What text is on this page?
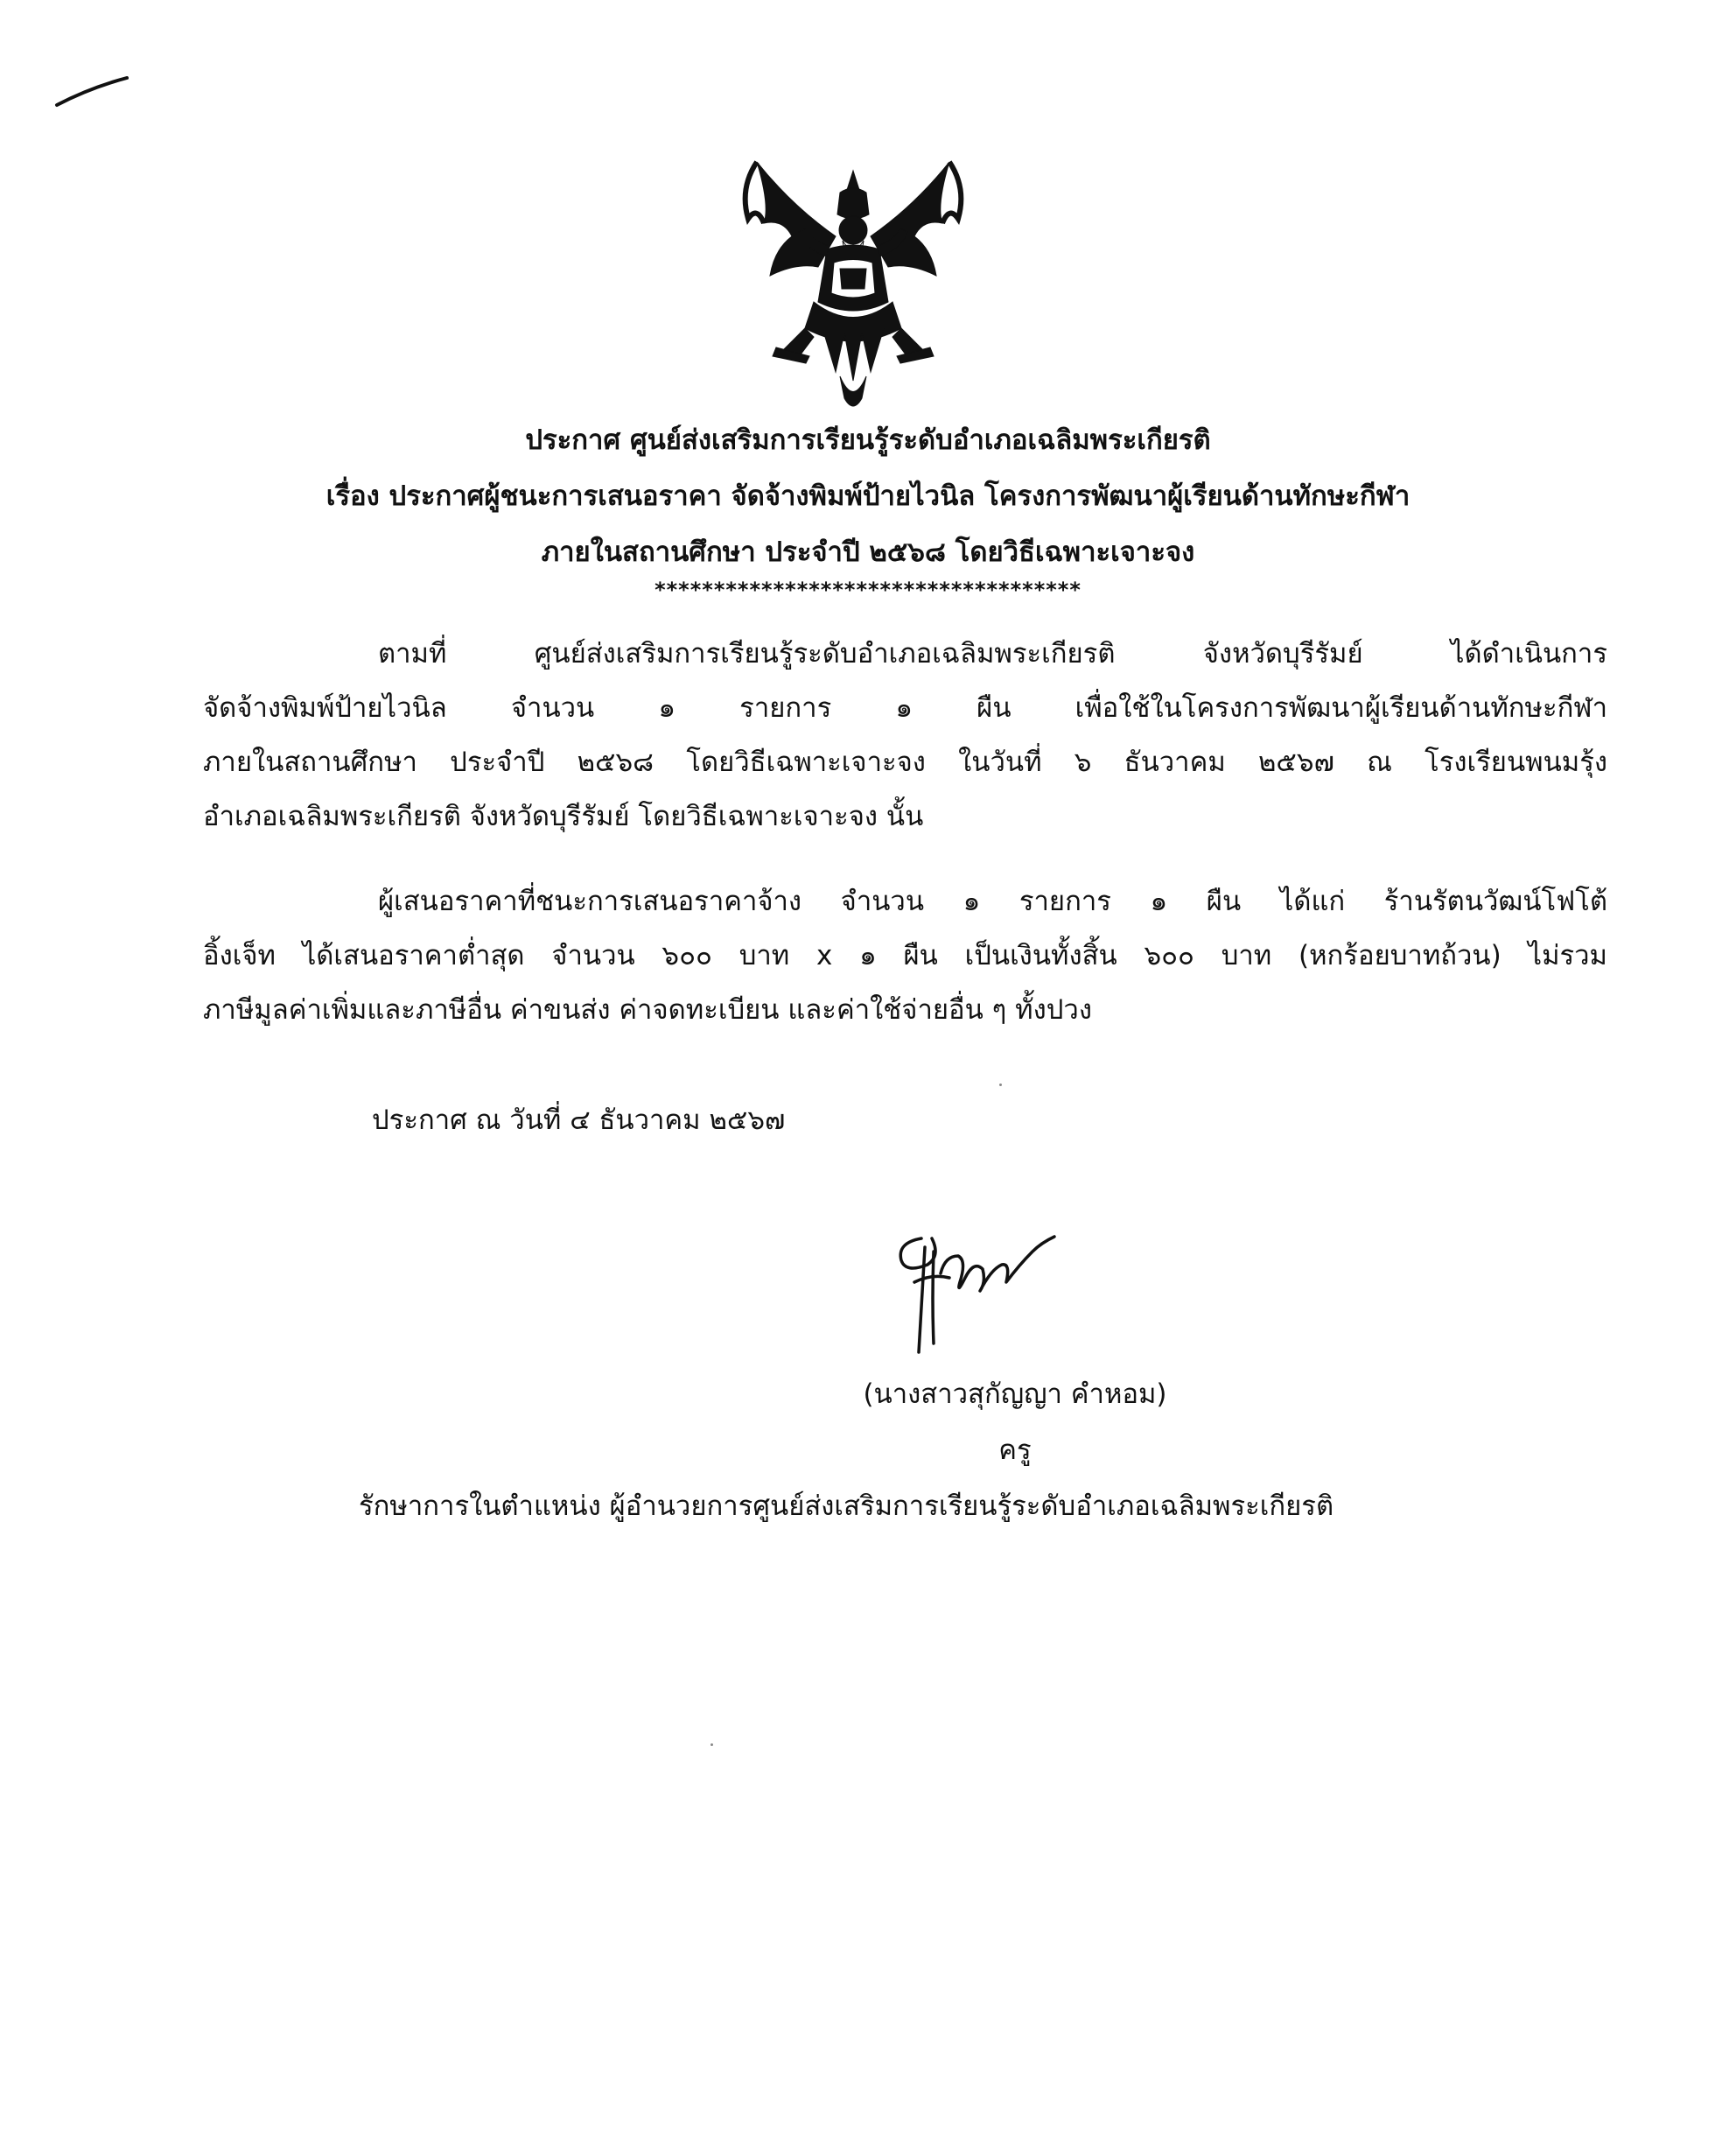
ประกาศ ศูนย์ส่งเสริมการเรียนรู้ระดับอำเภอเฉลิมพระเกียรติ
เรื่อง ประกาศผู้ชนะการเสนอราคา จัดจ้างพิมพ์ป้ายไวนิล โครงการพัฒนาผู้เรียนด้านทักษะกีฬา
ภายในสถานศึกษา ประจำปี ๒๕๖๘ โดยวิธีเฉพาะเจาะจง
************************************
ตามที่ ศูนย์ส่งเสริมการเรียนรู้ระดับอำเภอเฉลิมพระเกียรติ จังหวัดบุรีรัมย์ ได้ดำเนินการ
จัดจ้างพิมพ์ป้ายไวนิล จำนวน ๑ รายการ ๑ ผืน เพื่อใช้ในโครงการพัฒนาผู้เรียนด้านทักษะกีฬา
ภายในสถานศึกษา ประจำปี ๒๕๖๘ โดยวิธีเฉพาะเจาะจง ในวันที่ ๖ ธันวาคม ๒๕๖๗ ณ โรงเรียนพนมรุ้ง
อำเภอเฉลิมพระเกียรติ จังหวัดบุรีรัมย์ โดยวิธีเฉพาะเจาะจง นั้น
ผู้เสนอราคาที่ชนะการเสนอราคาจ้าง จำนวน ๑ รายการ ๑ ผืน ได้แก่ ร้านรัตนวัฒน์โฟโต้
อิ้งเจ็ท ได้เสนอราคาต่ำสุด จำนวน ๖๐๐ บาท x ๑ ผืน เป็นเงินทั้งสิ้น ๖๐๐ บาท (หกร้อยบาทถ้วน) ไม่รวม
ภาษีมูลค่าเพิ่มและภาษีอื่น ค่าขนส่ง ค่าจดทะเบียน และค่าใช้จ่ายอื่น ๆ ทั้งปวง
ประกาศ ณ วันที่ ๔ ธันวาคม ๒๕๖๗
(นางสาวสุกัญญา คำหอม)
ครู
รักษาการในตำแหน่ง ผู้อำนวยการศูนย์ส่งเสริมการเรียนรู้ระดับอำเภอเฉลิมพระเกียรติ
